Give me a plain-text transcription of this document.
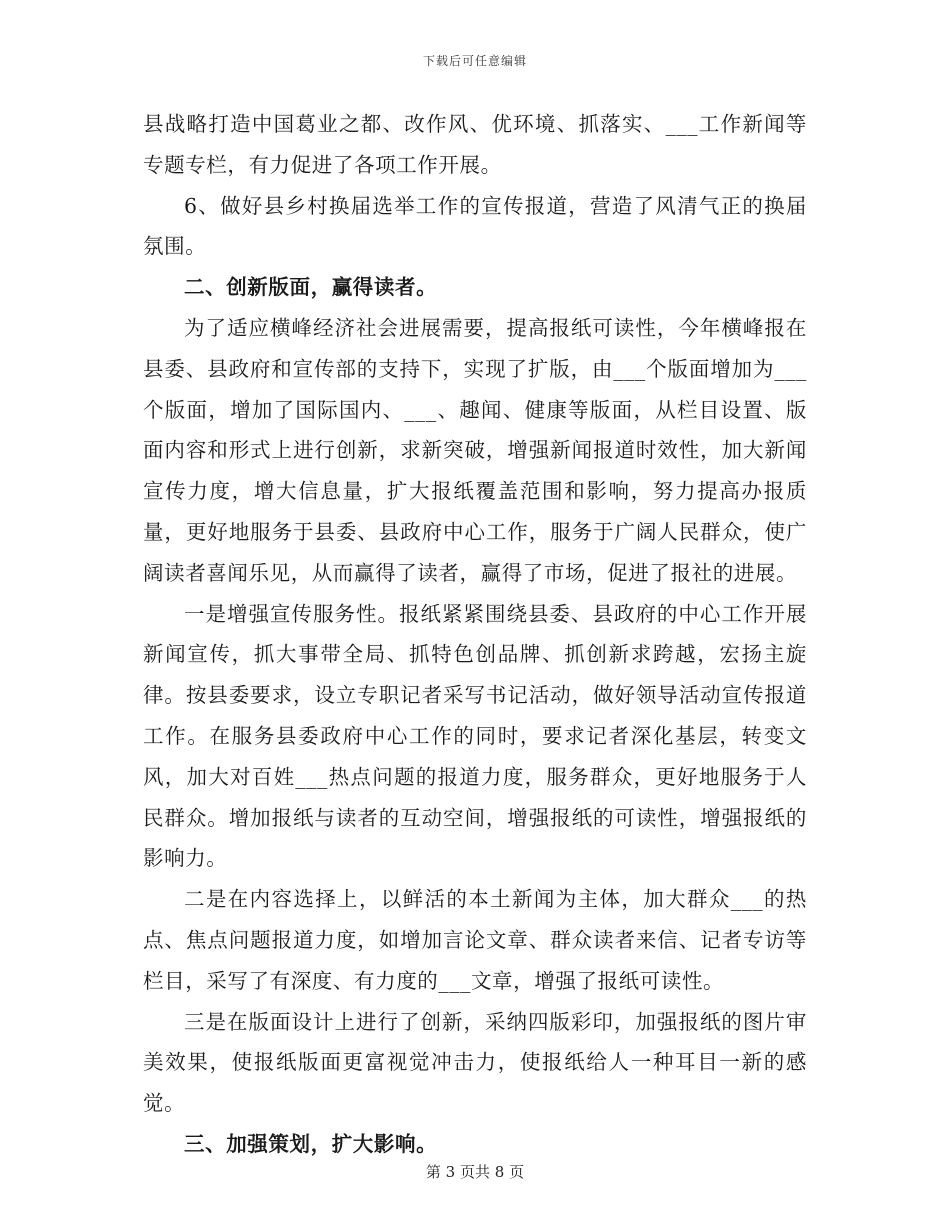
下载后可任意编辑

县战略打造中国葛业之都、改作风、优环境、抓落实、___工作新闻等专题专栏，有力促进了各项工作开展。

6、做好县乡村换届选举工作的宣传报道，营造了风清气正的换届氛围。

二、创新版面，赢得读者。

为了适应横峰经济社会进展需要，提高报纸可读性，今年横峰报在县委、县政府和宣传部的支持下，实现了扩版，由___个版面增加为___个版面，增加了国际国内、___、趣闻、健康等版面，从栏目设置、版面内容和形式上进行创新，求新突破，增强新闻报道时效性，加大新闻宣传力度，增大信息量，扩大报纸覆盖范围和影响，努力提高办报质量，更好地服务于县委、县政府中心工作，服务于广阔人民群众，使广阔读者喜闻乐见，从而赢得了读者，赢得了市场，促进了报社的进展。

一是增强宣传服务性。报纸紧紧围绕县委、县政府的中心工作开展新闻宣传，抓大事带全局、抓特色创品牌、抓创新求跨越，宏扬主旋律。按县委要求，设立专职记者采写书记活动，做好领导活动宣传报道工作。在服务县委政府中心工作的同时，要求记者深化基层，转变文风，加大对百姓___热点问题的报道力度，服务群众，更好地服务于人民群众。增加报纸与读者的互动空间，增强报纸的可读性，增强报纸的影响力。

二是在内容选择上，以鲜活的本土新闻为主体，加大群众___的热点、焦点问题报道力度，如增加言论文章、群众读者来信、记者专访等栏目，采写了有深度、有力度的___文章，增强了报纸可读性。

三是在版面设计上进行了创新，采纳四版彩印，加强报纸的图片审美效果，使报纸版面更富视觉冲击力，使报纸给人一种耳目一新的感觉。

三、加强策划，扩大影响。

第 3 页共 8 页
